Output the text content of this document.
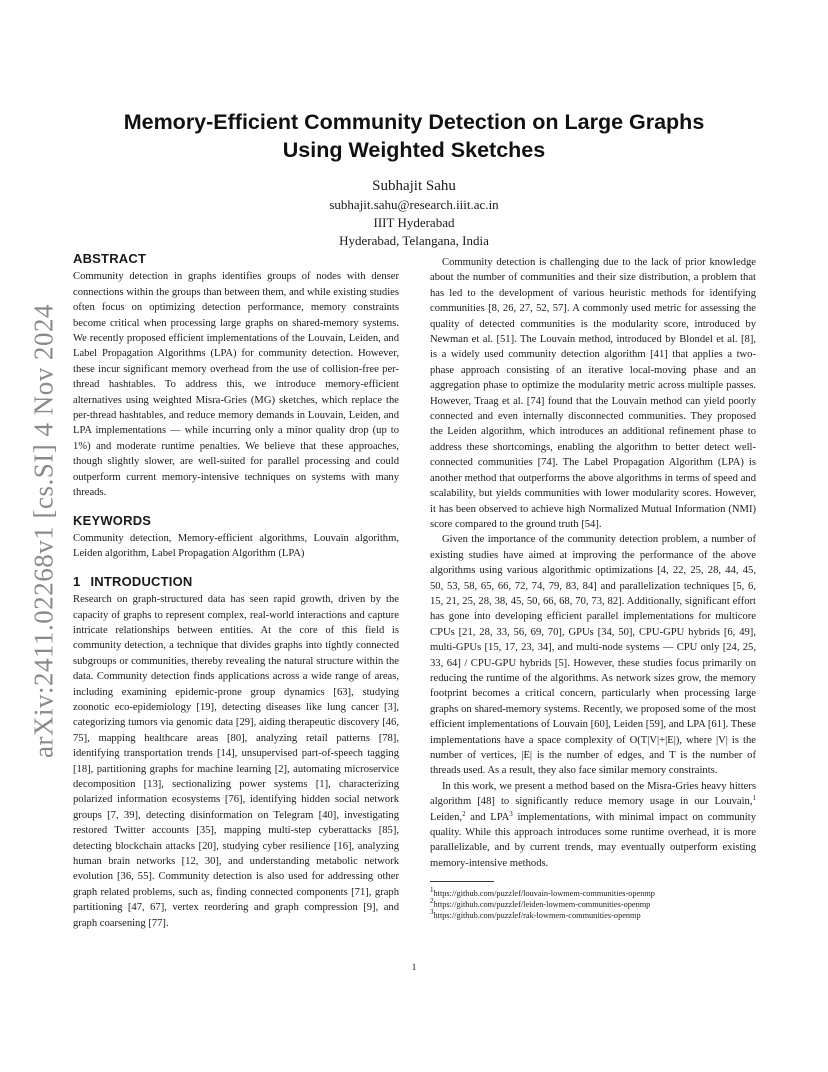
arXiv:2411.02268v1 [cs.SI] 4 Nov 2024
Memory-Efficient Community Detection on Large Graphs Using Weighted Sketches
Subhajit Sahu
subhajit.sahu@research.iiit.ac.in
IIIT Hyderabad
Hyderabad, Telangana, India
ABSTRACT

Community detection in graphs identifies groups of nodes with denser connections within the groups than between them, and while existing studies often focus on optimizing detection performance, memory constraints become critical when processing large graphs on shared-memory systems. We recently proposed efficient implementations of the Louvain, Leiden, and Label Propagation Algorithms (LPA) for community detection. However, these incur significant memory overhead from the use of collision-free per-thread hashtables. To address this, we introduce memory-efficient alternatives using weighted Misra-Gries (MG) sketches, which replace the per-thread hashtables, and reduce memory demands in Louvain, Leiden, and LPA implementations — while incurring only a minor quality drop (up to 1%) and moderate runtime penalties. We believe that these approaches, though slightly slower, are well-suited for parallel processing and could outperform current memory-intensive techniques on systems with many threads.

KEYWORDS

Community detection, Memory-efficient algorithms, Louvain algorithm, Leiden algorithm, Label Propagation Algorithm (LPA)

1 INTRODUCTION

Research on graph-structured data has seen rapid growth, driven by the capacity of graphs to represent complex, real-world interactions and capture intricate relationships between entities. At the core of this field is community detection, a technique that divides graphs into tightly connected subgroups or communities, thereby revealing the natural structure within the data. Community detection finds applications across a wide range of areas, including examining epidemic-prone group dynamics [63], studying zoonotic eco-epidemiology [19], detecting diseases like lung cancer [3], categorizing tumors via genomic data [29], aiding therapeutic discovery [46, 75], mapping healthcare areas [80], analyzing retail patterns [78], identifying transportation trends [14], unsupervised part-of-speech tagging [18], partitioning graphs for machine learning [2], automating microservice decomposition [13], sectionalizing power systems [1], characterizing polarized information ecosystems [76], identifying hidden social network groups [7, 39], detecting disinformation on Telegram [40], investigating restored Twitter accounts [35], mapping multi-step cyberattacks [85], detecting blockchain attacks [20], studying cyber resilience [16], analyzing human brain networks [12, 30], and understanding metabolic network evolution [36, 55]. Community detection is also used for addressing other graph related problems, such as, finding connected components [71], graph partitioning [47, 67], vertex reordering and graph compression [9], and graph coarsening [77].

Community detection is challenging due to the lack of prior knowledge about the number of communities and their size distribution, a problem that has led to the development of various heuristic methods for identifying communities [8, 26, 27, 52, 57]. A commonly used metric for assessing the quality of detected communities is the modularity score, introduced by Newman et al. [51]. The Louvain method, introduced by Blondel et al. [8], is a widely used community detection algorithm [41] that applies a two-phase approach consisting of an iterative local-moving phase and an aggregation phase to optimize the modularity metric across multiple passes. However, Traag et al. [74] found that the Louvain method can yield poorly connected and even internally disconnected communities. They proposed the Leiden algorithm, which introduces an additional refinement phase to address these shortcomings, enabling the algorithm to better detect well-connected communities [74]. The Label Propagation Algorithm (LPA) is another method that outperforms the above algorithms in terms of speed and scalability, but yields communities with lower modularity scores. However, it has been observed to achieve high Normalized Mutual Information (NMI) score compared to the ground truth [54].

Given the importance of the community detection problem, a number of existing studies have aimed at improving the performance of the above algorithms using various algorithmic optimizations [4, 22, 25, 28, 44, 45, 50, 53, 58, 65, 66, 72, 74, 79, 83, 84] and parallelization techniques [5, 6, 15, 21, 25, 28, 38, 45, 50, 66, 68, 70, 73, 82]. Additionally, significant effort has gone into developing efficient parallel implementations for multicore CPUs [21, 28, 33, 56, 69, 70], GPUs [34, 50], CPU-GPU hybrids [6, 49], multi-GPUs [15, 17, 23, 34], and multi-node systems — CPU only [24, 25, 33, 64] / CPU-GPU hybrids [5]. However, these studies focus primarily on reducing the runtime of the algorithms. As network sizes grow, the memory footprint becomes a critical concern, particularly when processing large graphs on shared-memory systems. Recently, we proposed some of the most efficient implementations of Louvain [60], Leiden [59], and LPA [61]. These implementations have a space complexity of O(T|V|+|E|), where |V| is the number of vertices, |E| is the number of edges, and T is the number of threads used. As a result, they also face similar memory constraints.

In this work, we present a method based on the Misra-Gries heavy hitters algorithm [48] to significantly reduce memory usage in our Louvain,$^1$ Leiden,$^2$ and LPA$^3$ implementations, with minimal impact on community quality. While this approach introduces some runtime overhead, it is more parallelizable, and by current trends, may eventually outperform existing memory-intensive methods.

$^1$https://github.com/puzzlef/louvain-lowmem-communities-openmp
$^2$https://github.com/puzzlef/leiden-lowmem-communities-openmp
$^3$https://github.com/puzzlef/rak-lowmem-communities-openmp
1
